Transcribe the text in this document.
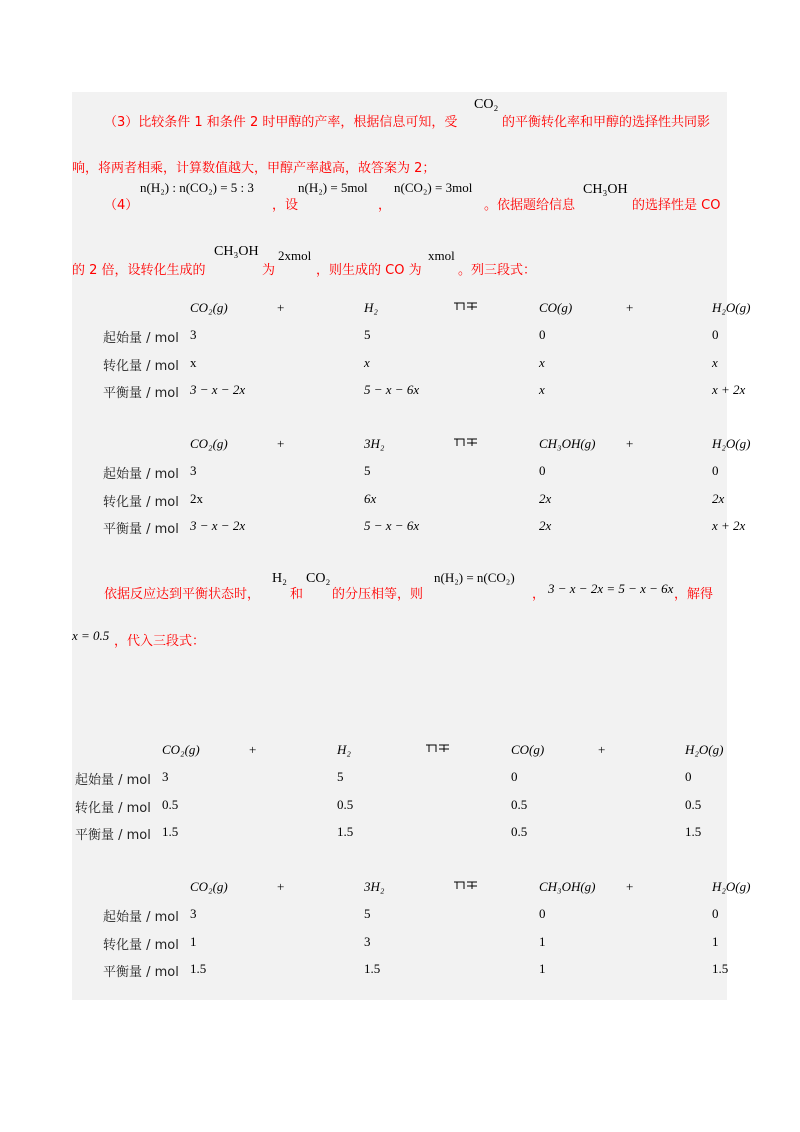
（3）比较条件 1 和条件 2 时甲醇的产率，根据信息可知，受
CO₂
的平衡转化率和甲醇的选择性共同影
响，将两者相乘，计算数值越大，甲醇产率越高，故答案为 2；
（4）
n(H₂) : n(CO₂) = 5 : 3
，设
n(H₂) = 5mol
，
n(CO₂) = 3mol
。依据题给信息
CH₃OH
的选择性是 CO
的 2 倍，设转化生成的
CH₃OH
为
2xmol
，则生成的 CO 为
xmol
。列三段式：
CO₂(g)	+	H₂	CO(g)	+	H₂O(g)
起始量 / mol 3	5	0	0
转化量 / mol x	x	x	x
平衡量 / mol 3 − x − 2x	5 − x − 6x	x	x + 2x
CO₂(g)	+	3H₂	CH₃OH(g) +	H₂O(g)
起始量 / mol 3	5	0	0
转化量 / mol 2x	6x	2x	2x
平衡量 / mol 3 − x − 2x	5 − x − 6x	2x	x + 2x
依据反应达到平衡状态时，
H₂
和
CO₂
的分压相等，则
n(H₂) = n(CO₂)
， 3 − x − 2x = 5 − x − 6x ，解得
x = 0.5 ，代入三段式：
CO₂(g)	+	H₂	CO(g)	+	H₂O(g)
起始量 / mol 3	5	0	0
转化量 / mol 0.5	0.5	0.5	0.5
平衡量 / mol 1.5	1.5	0.5	1.5
CO₂(g)	+	3H₂	CH₃OH(g) +	H₂O(g)
起始量 / mol 3	5	0	0
转化量 / mol 1	3	1	1
平衡量 / mol 1.5	1.5	1	1.5
